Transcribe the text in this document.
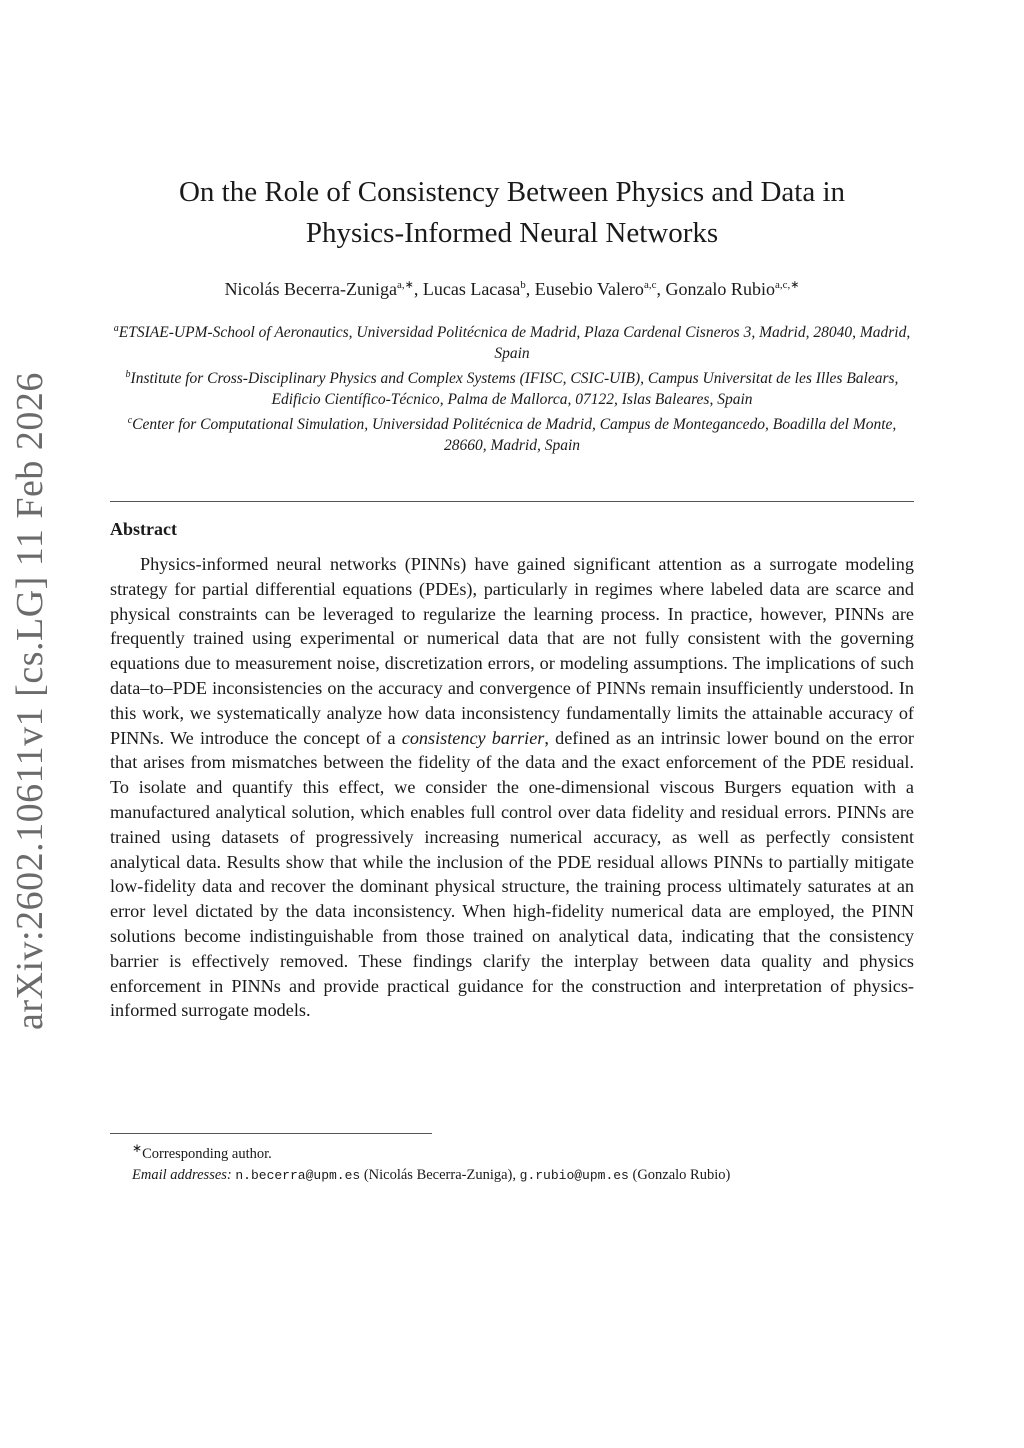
arXiv:2602.10611v1 [cs.LG] 11 Feb 2026
On the Role of Consistency Between Physics and Data in
Physics-Informed Neural Networks
Nicolás Becerra-Zuniga$^{a,∗}$, Lucas Lacasa$^b$, Eusebio Valero$^{a,c}$, Gonzalo Rubio$^{a,c,∗}$

$^a$ETSIAE-UPM-School of Aeronautics, Universidad Politécnica de Madrid, Plaza Cardenal Cisneros 3, Madrid, 28040, Madrid, Spain

$^b$Institute for Cross-Disciplinary Physics and Complex Systems (IFISC, CSIC-UIB), Campus Universitat de les Illes Balears, Edificio Científico-Técnico, Palma de Mallorca, 07122, Islas Baleares, Spain

$^c$Center for Computational Simulation, Universidad Politécnica de Madrid, Campus de Montegancedo, Boadilla del Monte, 28660, Madrid, Spain

Abstract

Physics-informed neural networks (PINNs) have gained significant attention as a surrogate modeling strategy for partial differential equations (PDEs), particularly in regimes where labeled data are scarce and physical constraints can be leveraged to regularize the learning process. In practice, however, PINNs are frequently trained using experimental or numerical data that are not fully consistent with the governing equations due to measurement noise, discretization errors, or modeling assumptions. The implications of such data–to–PDE inconsistencies on the accuracy and convergence of PINNs remain insufficiently understood. In this work, we systematically analyze how data inconsistency fundamentally limits the attainable accuracy of PINNs. We introduce the concept of a consistency barrier, defined as an intrinsic lower bound on the error that arises from mismatches between the fidelity of the data and the exact enforcement of the PDE residual. To isolate and quantify this effect, we consider the one-dimensional viscous Burgers equation with a manufactured analytical solution, which enables full control over data fidelity and residual errors. PINNs are trained using datasets of progressively increasing numerical accuracy, as well as perfectly consistent analytical data. Results show that while the inclusion of the PDE residual allows PINNs to partially mitigate low-fidelity data and recover the dominant physical structure, the training process ultimately saturates at an error level dictated by the data inconsistency. When high-fidelity numerical data are employed, the PINN solutions become indistinguishable from those trained on analytical data, indicating that the consistency barrier is effectively removed. These findings clarify the interplay between data quality and physics enforcement in PINNs and provide practical guidance for the construction and interpretation of physics-informed surrogate models.

∗Corresponding author.

Email addresses: n.becerra@upm.es (Nicolás Becerra-Zuniga), g.rubio@upm.es (Gonzalo Rubio)
